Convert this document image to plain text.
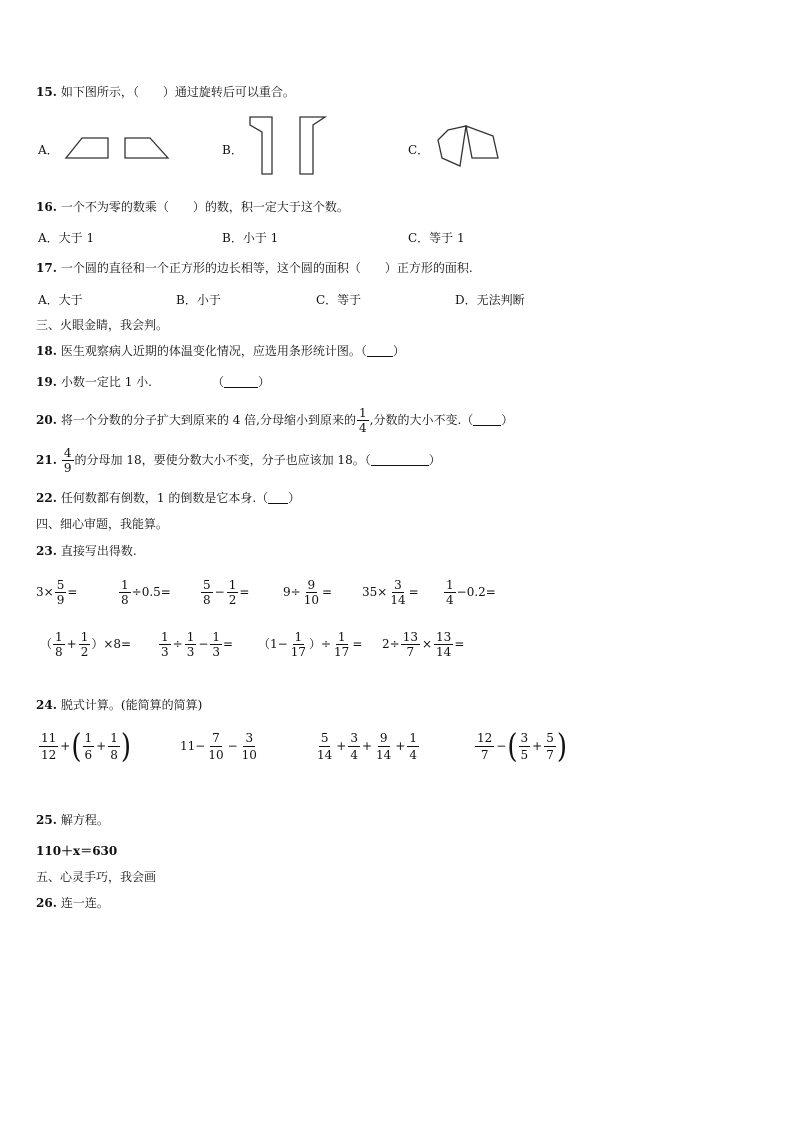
15. 如下图所示，（　　）通过旋转后可以重合。
A．	B．	C．
16. 一个不为零的数乘（　　）的数，积一定大于这个数。
A．大于 1	B．小于 1	C．等于 1
17. 一个圆的直径和一个正方形的边长相等，这个圆的面积（　　）正方形的面积.
A．大于	B．小于	C．等于	D．无法判断
三、火眼金睛，我会判。
18. 医生观察病人近期的体温变化情况，应选用条形统计图。（ ）
19. 小数一定比 1 小.	（	）
20. 将一个分数的分子扩大到原来的 4 倍,分母缩小到原来的 $\frac{1}{4}$ ,分数的大小不变.（ ）
21. $\frac{4}{9}$ 的分母加 18，要使分数大小不变，分子也应该加 18。（	）
22. 任何数都有倒数，1 的倒数是它本身.（ ）
四、细心审题，我能算。
23. 直接写出得数.
$3\times \frac{5}{9}$ =	$\frac{1}{8} \div 0.5=$	$\frac{5}{8} - \frac{1}{2}$ =	$9\div \frac{9}{10} = 35\times \frac{3}{14} = \frac{1}{4} -0.2=$
（ $\frac{1}{8} + \frac{1}{2} )\times 8= \frac{1}{3} \div \frac{1}{3} - \frac{1}{3} = (1- \frac{1}{17}$ ）÷ $\frac{1}{17} = 2\div \frac{13}{7} \times \frac{13}{14}$ =
24. 脱式计算。(能简算的简算)
$\frac{11}{12}$ +( $\frac{1}{6} + \frac{1}{8}$ )	$11- \frac{7}{10} - \frac{3}{10}$	$\frac{5}{14} + \frac{3}{4} + \frac{9}{14} + \frac{1}{4}$	$\frac{12}{7}$ −( $\frac{3}{5} + \frac{5}{7}$ )
25. 解方程。
110＋x＝630
五、心灵手巧，我会画
26. 连一连。
